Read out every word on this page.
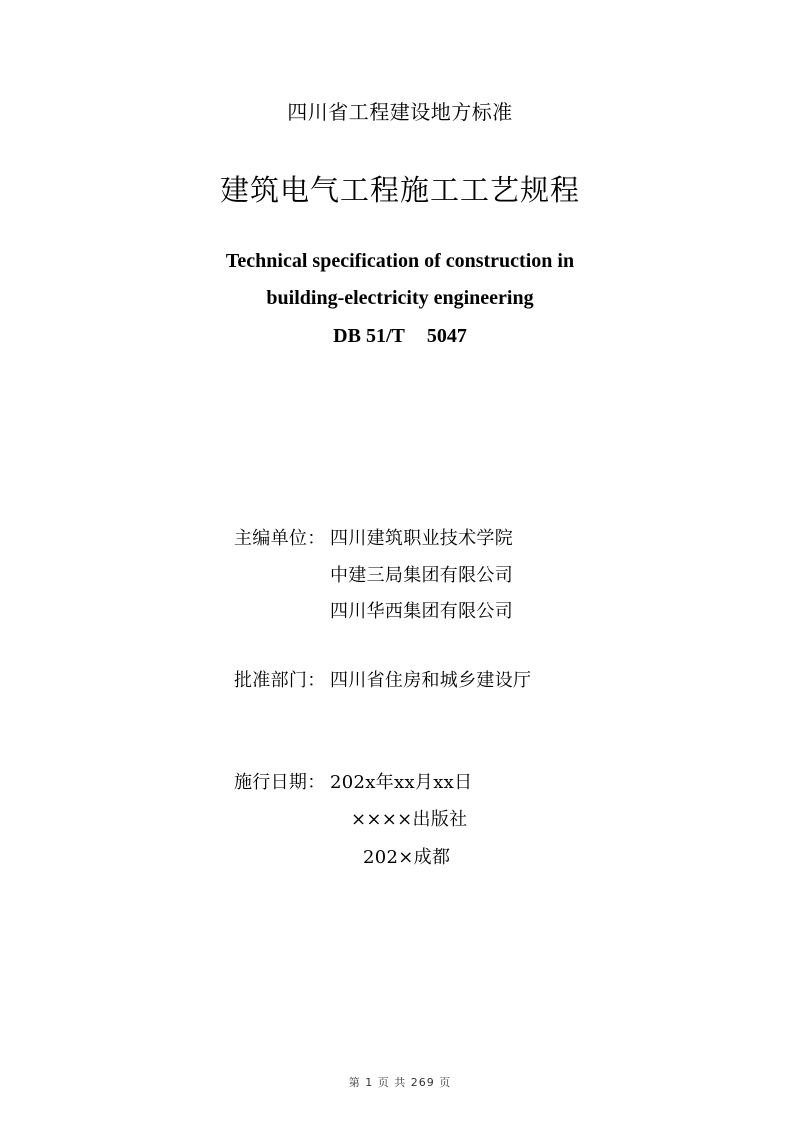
四川省工程建设地方标准
建筑电气工程施工工艺规程
Technical specification of construction in
building-electricity engineering
DB 51/T 5047
主编单位： 四川建筑职业技术学院
中建三局集团有限公司
四川华西集团有限公司
批准部门： 四川省住房和城乡建设厅
施行日期： 202x年xx月xx日
××××出版社
202×成都
第 1 页 共 269 页
